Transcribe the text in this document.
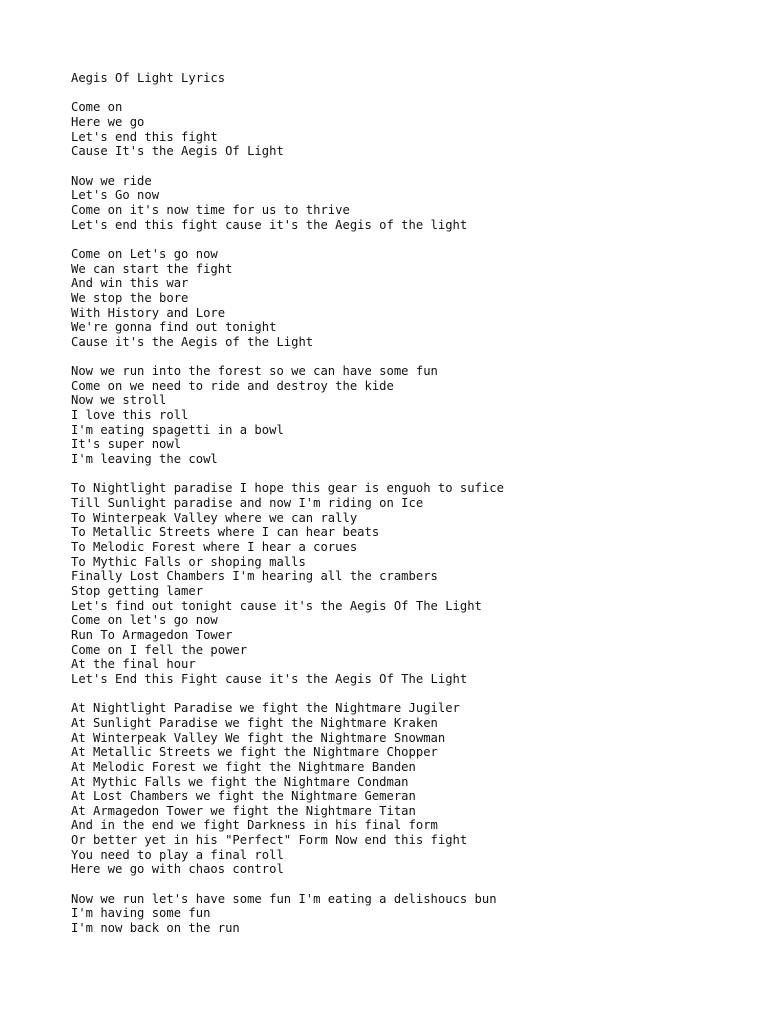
Aegis Of Light Lyrics
Come on
Here we go
Let's end this fight
Cause It's the Aegis Of Light
Now we ride
Let's Go now
Come on it's now time for us to thrive
Let's end this fight cause it's the Aegis of the light
Come on Let's go now
We can start the fight
And win this war
We stop the bore
With History and Lore
We're gonna find out tonight
Cause it's the Aegis of the Light
Now we run into the forest so we can have some fun
Come on we need to ride and destroy the kide
Now we stroll
I love this roll
I'm eating spagetti in a bowl
It's super nowl
I'm leaving the cowl
To Nightlight paradise I hope this gear is enguoh to sufice
Till Sunlight paradise and now I'm riding on Ice
To Winterpeak Valley where we can rally
To Metallic Streets where I can hear beats
To Melodic Forest where I hear a corues
To Mythic Falls or shoping malls
Finally Lost Chambers I'm hearing all the crambers
Stop getting lamer
Let's find out tonight cause it's the Aegis Of The Light
Come on let's go now
Run To Armagedon Tower
Come on I fell the power
At the final hour
Let's End this Fight cause it's the Aegis Of The Light
At Nightlight Paradise we fight the Nightmare Jugiler
At Sunlight Paradise we fight the Nightmare Kraken
At Winterpeak Valley We fight the Nightmare Snowman
At Metallic Streets we fight the Nightmare Chopper
At Melodic Forest we fight the Nightmare Banden
At Mythic Falls we fight the Nightmare Condman
At Lost Chambers we fight the Nightmare Gemeran
At Armagedon Tower we fight the Nightmare Titan
And in the end we fight Darkness in his final form
Or better yet in his "Perfect" Form Now end this fight
You need to play a final roll
Here we go with chaos control
Now we run let's have some fun I'm eating a delishoucs bun
I'm having some fun
I'm now back on the run
